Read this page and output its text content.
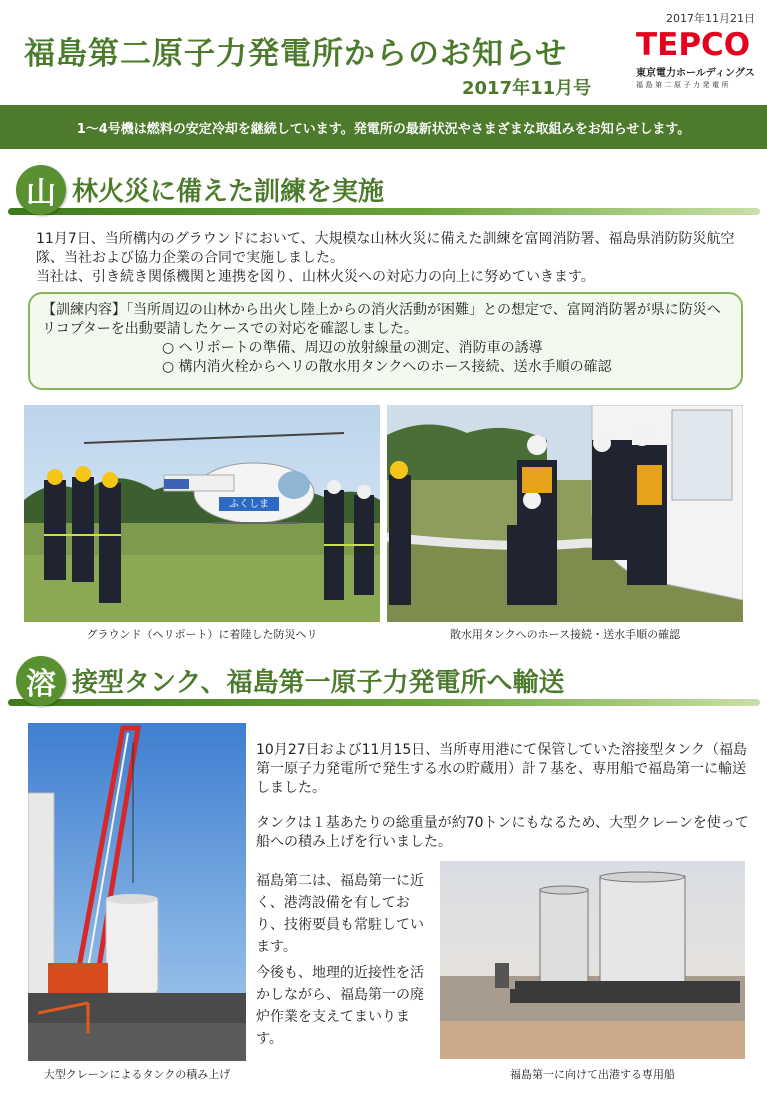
2017年11月21日
福島第二原子力発電所からのお知らせ
2017年11月号
TEPCO
東京電力ホールディングス
福島第二原子力発電所
1～4号機は燃料の安定冷却を継続しています。発電所の最新状況やさまざまな取組みをお知らせします。
山 林火災に備えた訓練を実施
11月7日、当所構内のグラウンドにおいて、大規模な山林火災に備えた訓練を富岡消防署、福島県消防防災航空隊、当社および協力企業の合同で実施しました。
当社は、引き続き関係機関と連携を図り、山林火災への対応力の向上に努めていきます。
【訓練内容】「当所周辺の山林から出火し陸上からの消火活動が困難」との想定で、富岡消防署が県に防災ヘリコプターを出動要請したケースでの対応を確認しました。
○ ヘリポートの準備、周辺の放射線量の測定、消防車の誘導
○ 構内消火栓からヘリの散水用タンクへのホース接続、送水手順の確認
ふくしま
グラウンド（ヘリポート）に着陸した防災ヘリ	散水用タンクへのホース接続・送水手順の確認
溶 接型タンク、福島第一原子力発電所へ輸送
大型クレーンによるタンクの積み上げ
10月27日および11月15日、当所専用港にて保管していた溶接型タンク（福島第一原子力発電所で発生する水の貯蔵用）計７基を、専用船で福島第一に輸送しました。
タンクは１基あたりの総重量が約70トンにもなるため、大型クレーンを使って船への積み上げを行いました。
福島第二は、福島第一に近く、港湾設備を有しており、技術要員も常駐しています。
今後も、地理的近接性を活かしながら、福島第一の廃炉作業を支えてまいります。
福島第一に向けて出港する専用船
